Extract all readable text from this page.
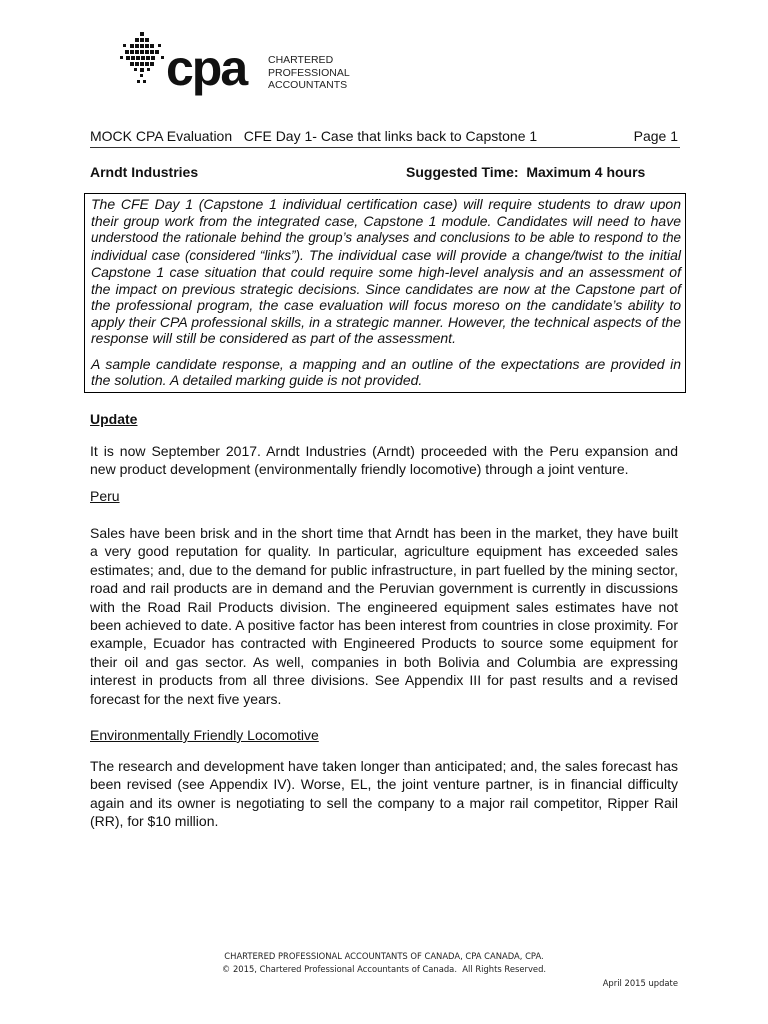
cpa CHARTERED
PROFESSIONAL
ACCOUNTANTS
MOCK CPA Evaluation   CFE Day 1- Case that links back to Capstone 1	Page 1
Arndt Industries	Suggested Time:  Maximum 4 hours

The CFE Day 1 (Capstone 1 individual certification case) will require students to draw upon their group work from the integrated case, Capstone 1 module. Candidates will need to have understood the rationale behind the group’s analyses and conclusions to be able to respond to the individual case (considered “links”). The individual case will provide a change/twist to the initial Capstone 1 case situation that could require some high-level analysis and an assessment of the impact on previous strategic decisions. Since candidates are now at the Capstone part of the professional program, the case evaluation will focus moreso on the candidate’s ability to apply their CPA professional skills, in a strategic manner. However, the technical aspects of the response will still be considered as part of the assessment.

A sample candidate response, a mapping and an outline of the expectations are provided in the solution. A detailed marking guide is not provided.

Update
It is now September 2017. Arndt Industries (Arndt) proceeded with the Peru expansion and new product development (environmentally friendly locomotive) through a joint venture.
Peru
Sales have been brisk and in the short time that Arndt has been in the market, they have built a very good reputation for quality. In particular, agriculture equipment has exceeded sales estimates; and, due to the demand for public infrastructure, in part fuelled by the mining sector, road and rail products are in demand and the Peruvian government is currently in discussions with the Road Rail Products division. The engineered equipment sales estimates have not been achieved to date. A positive factor has been interest from countries in close proximity. For example, Ecuador has contracted with Engineered Products to source some equipment for their oil and gas sector. As well, companies in both Bolivia and Columbia are expressing interest in products from all three divisions. See Appendix III for past results and a revised forecast for the next five years.
Environmentally Friendly Locomotive
The research and development have taken longer than anticipated; and, the sales forecast has been revised (see Appendix IV). Worse, EL, the joint venture partner, is in financial difficulty again and its owner is negotiating to sell the company to a major rail competitor, Ripper Rail (RR), for $10 million.
CHARTERED PROFESSIONAL ACCOUNTANTS OF CANADA, CPA CANADA, CPA.
© 2015, Chartered Professional Accountants of Canada.  All Rights Reserved.
April 2015 update
